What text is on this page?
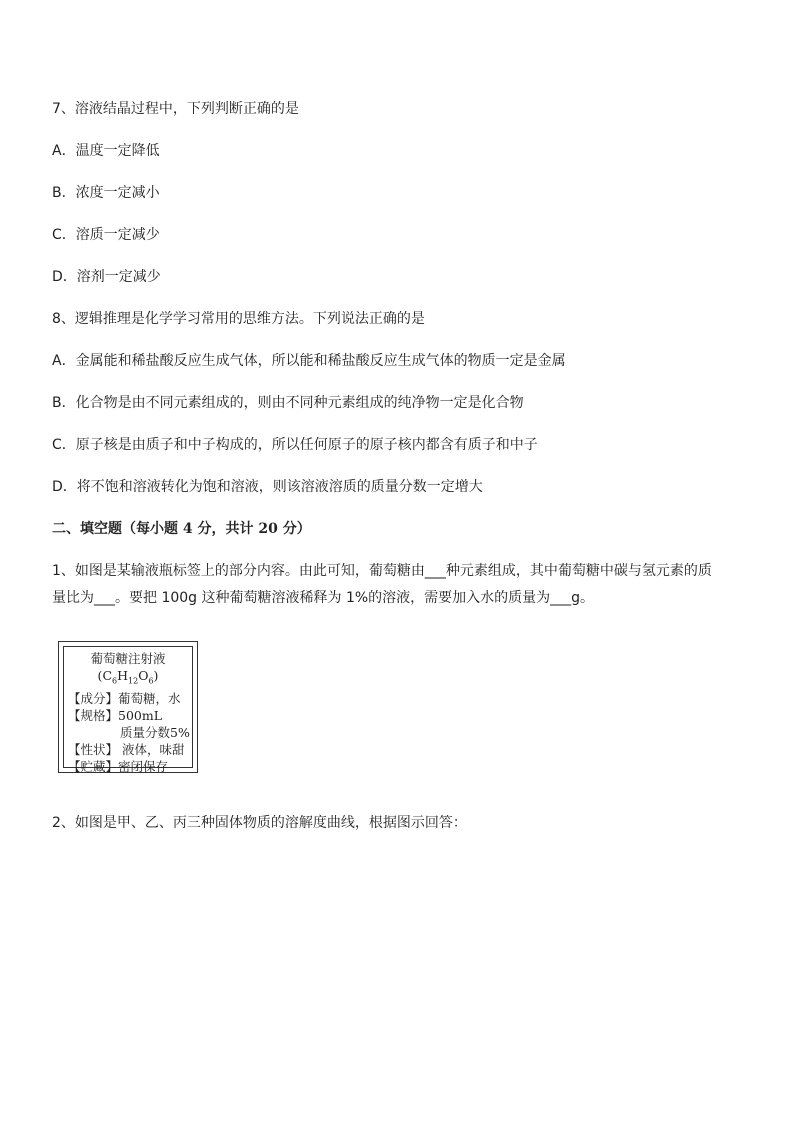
7、溶液结晶过程中，下列判断正确的是
A．温度一定降低
B．浓度一定减小
C．溶质一定减少
D．溶剂一定减少
8、逻辑推理是化学学习常用的思维方法。下列说法正确的是
A．金属能和稀盐酸反应生成气体，所以能和稀盐酸反应生成气体的物质一定是金属
B．化合物是由不同元素组成的，则由不同种元素组成的纯净物一定是化合物
C．原子核是由质子和中子构成的，所以任何原子的原子核内都含有质子和中子
D．将不饱和溶液转化为饱和溶液，则该溶液溶质的质量分数一定增大
二、填空题（每小题 4 分，共计 20 分）
1、如图是某输液瓶标签上的部分内容。由此可知，葡萄糖由___种元素组成，其中葡萄糖中碳与氢元素的质
量比为___。要把 100g 这种葡萄糖溶液稀释为 1%的溶液，需要加入水的质量为___g。
葡萄糖注射液
$(C_6H_{12}O_6)$
【成分】葡萄糖，水
【规格】500mL
质量分数5%
【性状】 液体，味甜
【贮藏】密闭保存
2、如图是甲、乙、丙三种固体物质的溶解度曲线，根据图示回答：
